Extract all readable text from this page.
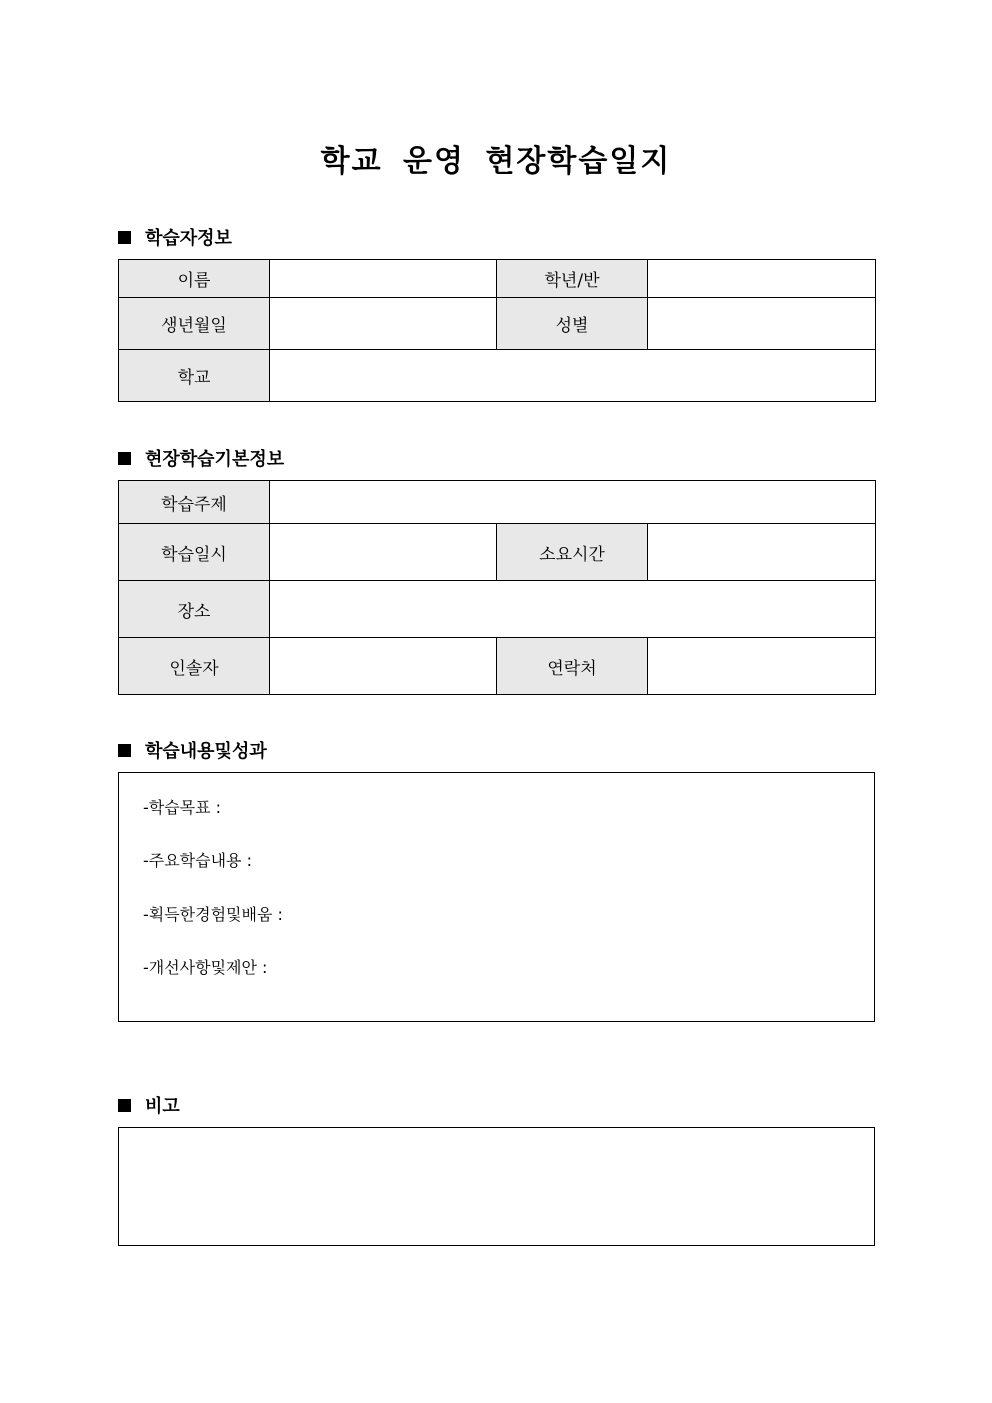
학교 운영 현장학습일지
학습자정보
이름		학년/반	
생년월일		성별	
학교			
현장학습기본정보
학습주제			
학습일시		소요시간	
장소			
인솔자		연락처	
학습내용및성과
-학습목표 :
-주요학습내용 :
-획득한경험및배움 :
-개선사항및제안 :
비고
